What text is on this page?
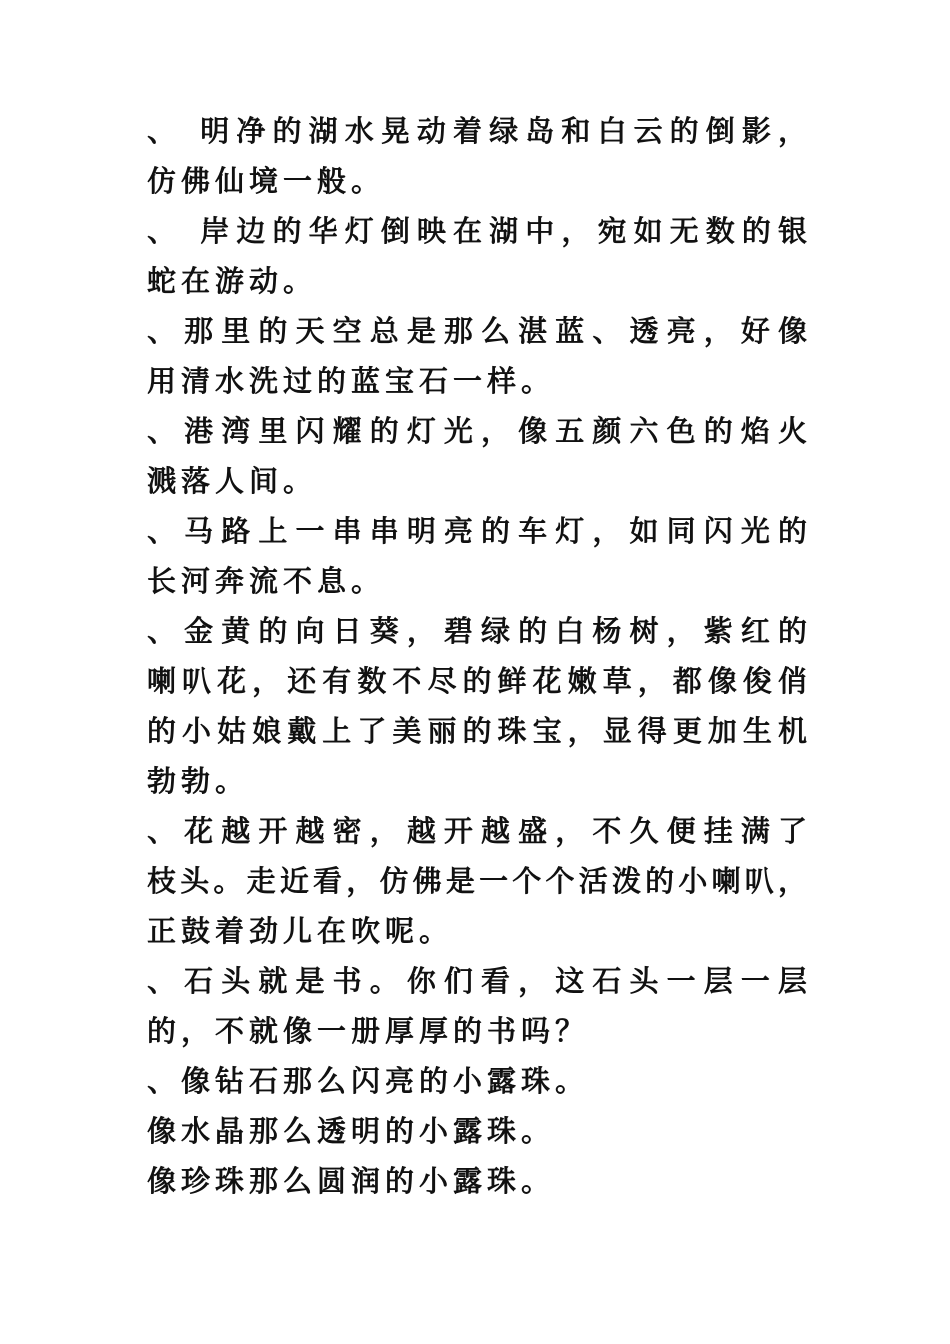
、 明净的湖水晃动着绿岛和白云的倒影，
仿佛仙境一般。
、 岸边的华灯倒映在湖中，宛如无数的银
蛇在游动。
、那里的天空总是那么湛蓝、透亮，好像
用清水洗过的蓝宝石一样。
、港湾里闪耀的灯光，像五颜六色的焰火
溅落人间。
、马路上一串串明亮的车灯，如同闪光的
长河奔流不息。
、金黄的向日葵，碧绿的白杨树，紫红的
喇叭花，还有数不尽的鲜花嫩草，都像俊俏
的小姑娘戴上了美丽的珠宝，显得更加生机
勃勃。
、花越开越密，越开越盛，不久便挂满了
枝头。走近看，仿佛是一个个活泼的小喇叭，
正鼓着劲儿在吹呢。
、石头就是书。你们看，这石头一层一层
的，不就像一册厚厚的书吗？
、像钻石那么闪亮的小露珠。
像水晶那么透明的小露珠。
像珍珠那么圆润的小露珠。
